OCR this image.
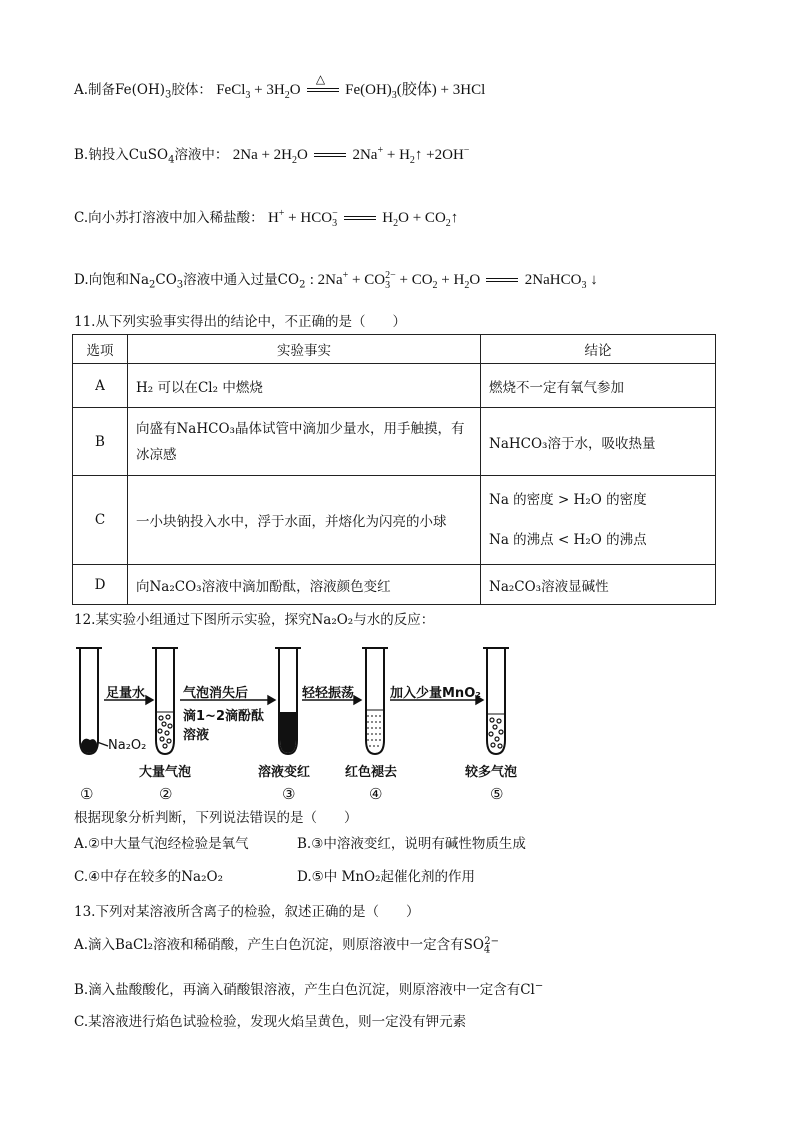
A.制备$Fe(OH)_3$胶体： FeCl$_3$ + $3H_2O$
△
$Fe(OH)_3$(胶体) + 3HCl
B.钠投入CuSO$_4$溶液中： $2Na + 2H_2O$	$2Na^+ + H_2↑ +2OH^-$
C.向小苏打溶液中加入稀盐酸： $H^+ + HCO_3^-$	$H_2O$ + $CO_2↑$
D.向饱和$Na_2CO_3$溶液中通入过量$CO_2$ : $2Na^+ + CO_3^{2-} + CO_2 + H_2O$	2NaHCO$_3$ ↓
11.从下列实验事实得出的结论中，不正确的是（　　）
选项	实验事实	结论
A	H₂ 可以在Cl₂ 中燃烧	燃烧不一定有氧气参加
B	向盛有NaHCO₃晶体试管中滴加少量水，用手触摸，有冰凉感	NaHCO₃溶于水，吸收热量
C	一小块钠投入水中，浮于水面，并熔化为闪亮的小球	Na 的密度 > H₂O 的密度
Na 的沸点 < H₂O 的沸点

D	向Na₂CO₃溶液中滴加酚酞，溶液颜色变红	Na₂CO₃溶液显碱性
12.某实验小组通过下图所示实验，探究Na₂O₂与水的反应：
足量水	气泡消失后
滴1~2滴酚酞
溶液
轻轻振荡	加入少量MnO₂
Na₂O₂
大量气泡	溶液变红	红色褪去	较多气泡
①	②	③	④	⑤
根据现象分析判断，下列说法错误的是（　　）
A.②中大量气泡经检验是氧气	B.③中溶液变红，说明有碱性物质生成
C.④中存在较多的Na₂O₂	D.⑤中 MnO₂起催化剂的作用
13.下列对某溶液所含离子的检验，叙述正确的是（　　）
A.滴入BaCl₂溶液和稀硝酸，产生白色沉淀，则原溶液中一定含有$SO_4^{2-}$
B.滴入盐酸酸化，再滴入硝酸银溶液，产生白色沉淀，则原溶液中一定含有Cl−
C.某溶液进行焰色试验检验，发现火焰呈黄色，则一定没有钾元素
